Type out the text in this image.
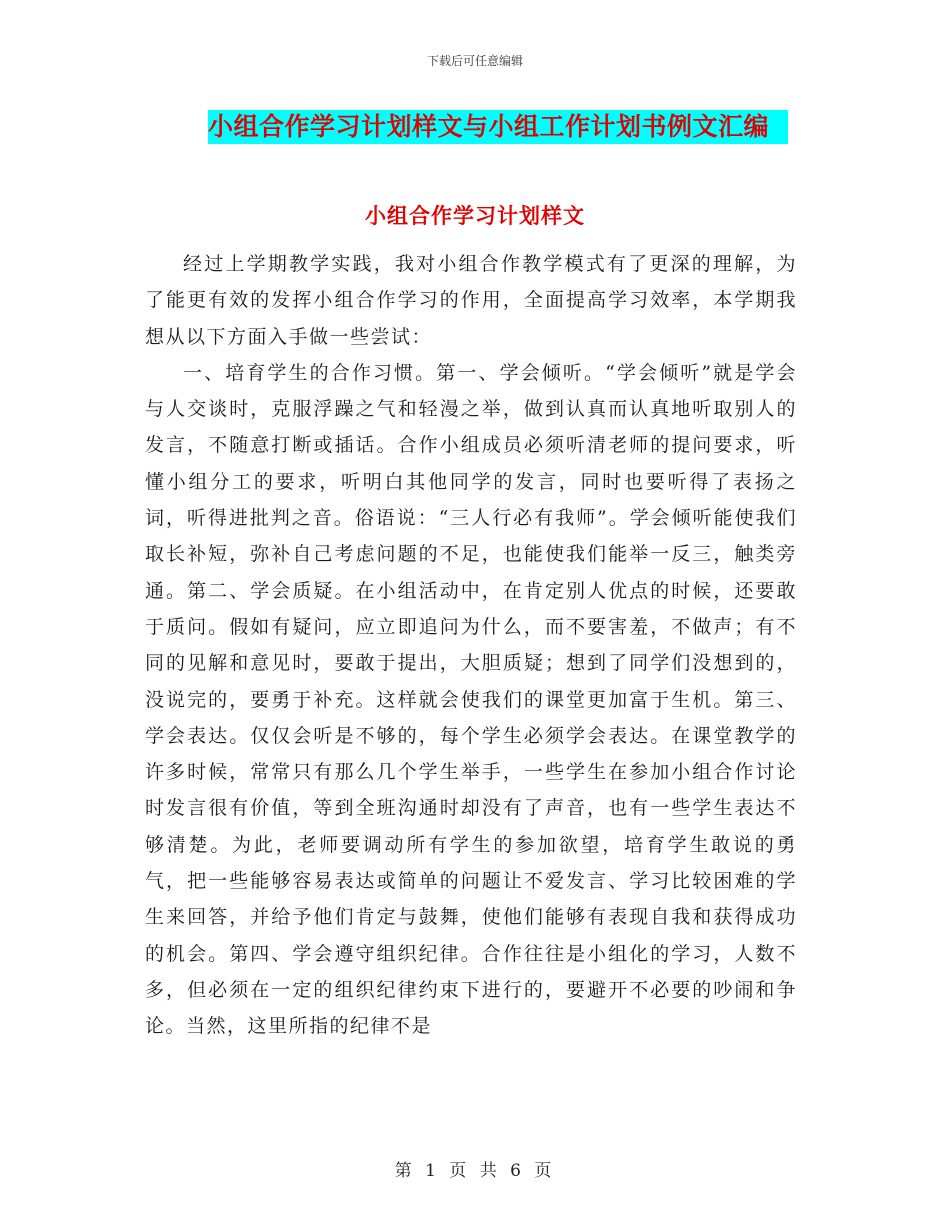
下载后可任意编辑
小组合作学习计划样文与小组工作计划书例文汇编
小组合作学习计划样文

经过上学期教学实践，我对小组合作教学模式有了更深的理解，为了能更有效的发挥小组合作学习的作用，全面提高学习效率，本学期我想从以下方面入手做一些尝试：

一、培育学生的合作习惯。第一、学会倾听。“学会倾听”就是学会与人交谈时，克服浮躁之气和轻漫之举，做到认真而认真地听取别人的发言，不随意打断或插话。合作小组成员必须听清老师的提问要求，听懂小组分工的要求，听明白其他同学的发言，同时也要听得了表扬之词，听得进批判之音。俗语说：“三人行必有我师”。学会倾听能使我们取长补短，弥补自己考虑问题的不足，也能使我们能举一反三，触类旁通。第二、学会质疑。在小组活动中，在肯定别人优点的时候，还要敢于质问。假如有疑问，应立即追问为什么，而不要害羞，不做声；有不同的见解和意见时，要敢于提出，大胆质疑；想到了同学们没想到的，没说完的，要勇于补充。这样就会使我们的课堂更加富于生机。第三、学会表达。仅仅会听是不够的，每个学生必须学会表达。在课堂教学的许多时候，常常只有那么几个学生举手，一些学生在参加小组合作讨论时发言很有价值，等到全班沟通时却没有了声音，也有一些学生表达不够清楚。为此，老师要调动所有学生的参加欲望，培育学生敢说的勇气，把一些能够容易表达或简单的问题让不爱发言、学习比较困难的学生来回答，并给予他们肯定与鼓舞，使他们能够有表现自我和获得成功的机会。第四、学会遵守组织纪律。合作往往是小组化的学习，人数不多，但必须在一定的组织纪律约束下进行的，要避开不必要的吵闹和争论。当然，这里所指的纪律不是

第 1 页 共 6 页
